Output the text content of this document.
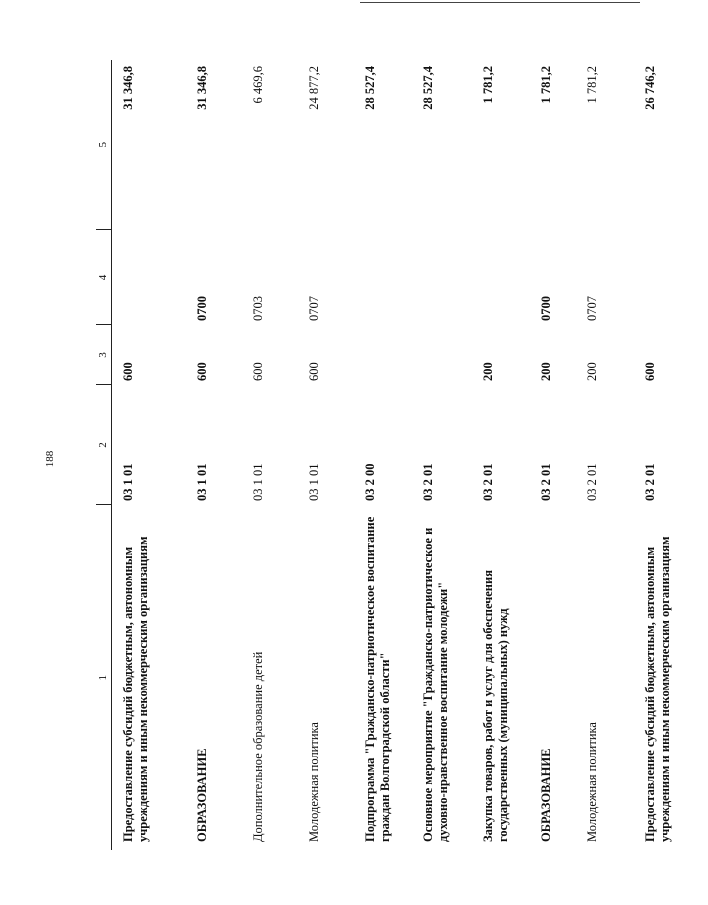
188
1	2	3	4	5
Предоставление субсидий бюджетным, автономным учреждениям и иным некоммерческим организациям	03 1 01	600		31 346,8
ОБРАЗОВАНИЕ	03 1 01	600	0700	31 346,8
Дополнительное образование детей	03 1 01	600	0703	6 469,6
Молодежная политика	03 1 01	600	0707	24 877,2
Подпрограмма "Гражданско-патриотическое воспитание граждан Волгоградской области"	03 2 00			28 527,4
Основное мероприятие "Гражданско-патриотическое и духовно-нравственное воспитание молодежи"	03 2 01			28 527,4
Закупка товаров, работ и услуг для обеспечения государственных (муниципальных) нужд	03 2 01	200		1 781,2
ОБРАЗОВАНИЕ	03 2 01	200	0700	1 781,2
Молодежная политика	03 2 01	200	0707	1 781,2
Предоставление субсидий бюджетным, автономным учреждениям и иным некоммерческим организациям	03 2 01	600		26 746,2
